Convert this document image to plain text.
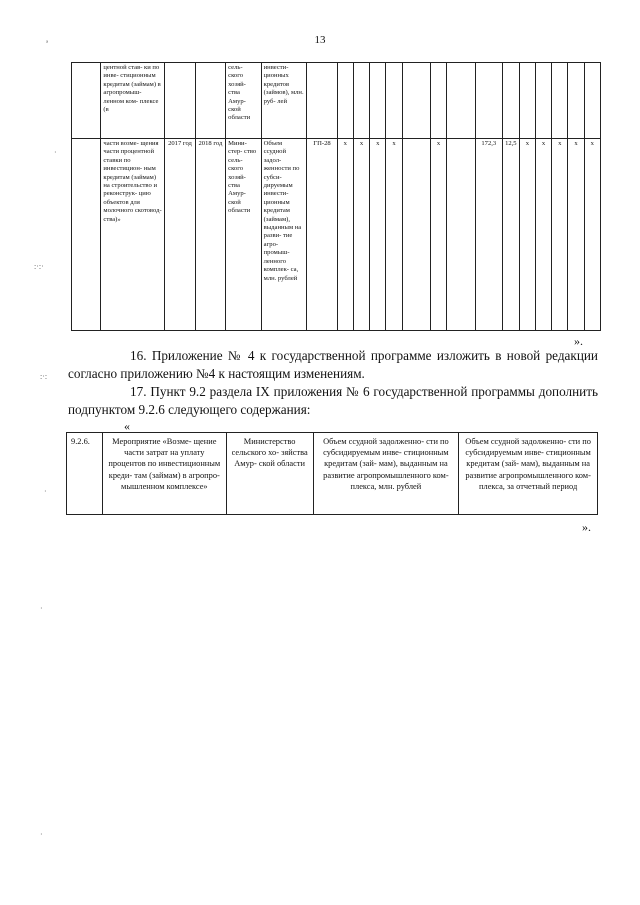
13
ᵊ
·
:·:·
:·:
·
·
·
	центной став- ки по инве- стиционным кредитам (займам) в агропромыш- ленном ком- плексе (в			сель- ского хозяй- ства Амур- ской области	инвести- ционных кредитов (займов), млн. руб- лей															
	части возме- щения части процентной ставки по инвестицион- ным кредитам (займам) на строительство и реконструк- цию объектов для молочного скотовод- ства)»	2017 год	2018 год	Мини- стер- ство сель- ского хозяй- ства Амур- ской области	Объем ссудной задол- женности по субси- дируемым инвести- ционным кредитам (займам), выданным на разви- тие агро- промыш- ленного комплек- са, млн. рублей	ГП-28	x	x	x	x		x		172,3	12,5	x	x	x	x	x
».
16. Приложение № 4 к государственной программе изложить в новой редакции согласно приложению №4 к настоящим изменениям.
17. Пункт 9.2 раздела IX приложения № 6 государственной программы дополнить подпунктом 9.2.6 следующего содержания:
«
9.2.6.	Мероприятие «Возме- щение части затрат на уплату процентов по инвестиционным креди- там (займам) в агропро- мышленном комплексе»	Министерство сельского хо- зяйства Амур- ской области	Объем ссудной задолженно- сти по субсидируемым инве- стиционным кредитам (зай- мам), выданным на развитие агропромышленного ком- плекса, млн. рублей	Объем ссудной задолженно- сти по субсидируемым инве- стиционным кредитам (зай- мам), выданным на развитие агропромышленного ком- плекса, за отчетный период
».
